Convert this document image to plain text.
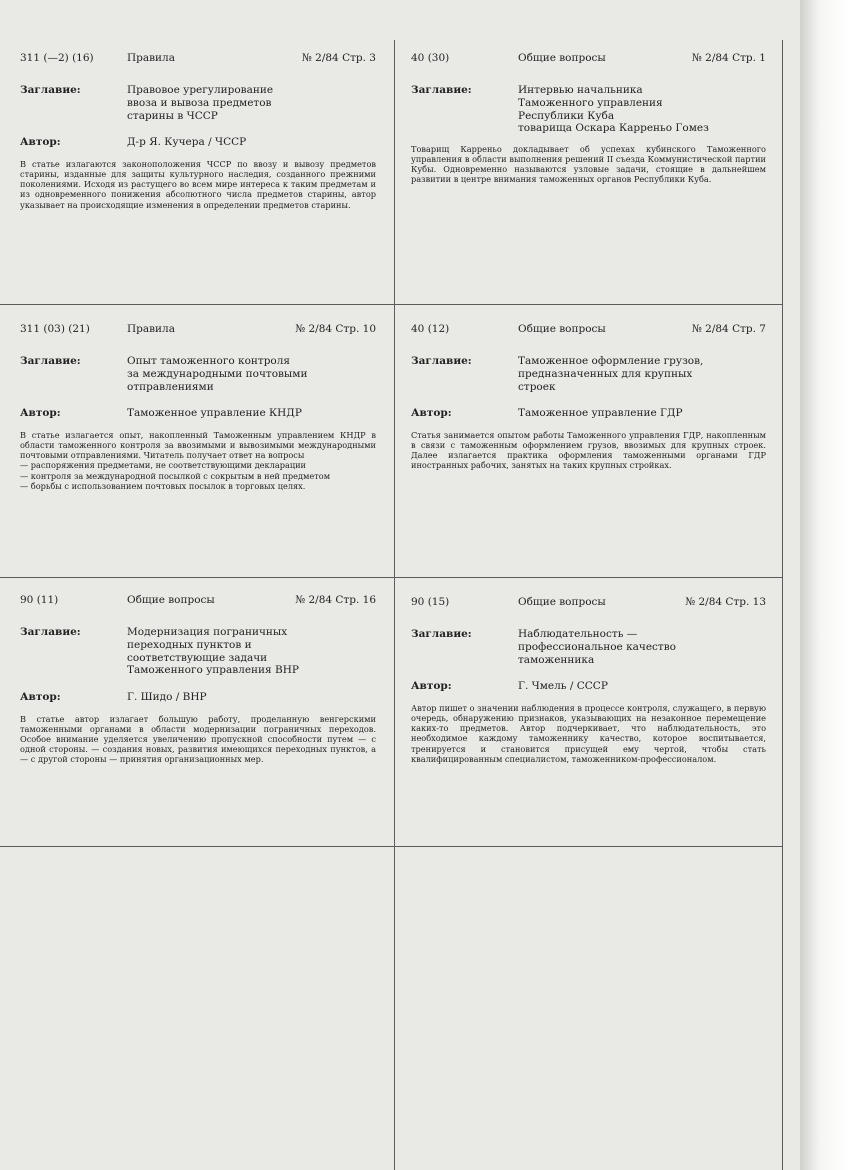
311 (—2) (16)	Правила	№ 2/84 Стр. 3
Заглавие:	Правовое урегулирование
ввоза и вывоза предметов
старины в ЧССР
Автор:	Д-р Я. Кучера / ЧССР
В статье излагаются законоположения ЧССР по ввозу и вывозу предметов старины, изданные для защиты культурного наследия, созданного прежними поколениями. Исходя из растущего во всем мире интереса к таким предметам и из одновременного понижения абсолютного числа предметов старины, автор указывает на происходящие изменения в определении предметов старины.
40 (30)	Общие вопросы	№ 2/84 Стр. 1
Заглавие:	Интервью начальника
Таможенного управления
Республики Куба
товарища Оскара Карреньо Гомез
Товарищ Карреньо докладывает об успехах кубинского Таможенного управления в области выполнения решений II съезда Коммунистической партии Кубы. Одновременно называются узловые задачи, стоящие в дальнейшем развитии в центре внимания таможенных органов Республики Куба.
311 (03) (21)	Правила	№ 2/84 Стр. 10
Заглавие:	Опыт таможенного контроля
за международными почтовыми
отправлениями
Автор:	Таможенное управление КНДР
В статье излагается опыт, накопленный Таможенным управлением КНДР в области таможенного контроля за ввозимыми и вывозимыми международными почтовыми отправлениями. Читатель получает ответ на вопросы
— распоряжения предметами, не соответствующими декларации
— контроля за международной посылкой с сокрытым в ней предметом
— борьбы с использованием почтовых посылок в торговых целях.
40 (12)	Общие вопросы	№ 2/84 Стр. 7
Заглавие:	Таможенное оформление грузов,
предназначенных для крупных
строек
Автор:	Таможенное управление ГДР
Статья занимается опытом работы Таможенного управления ГДР, накопленным в связи с таможенным оформлением грузов, ввозимых для крупных строек. Далее излагается практика оформления таможенными органами ГДР иностранных рабочих, занятых на таких крупных стройках.
90 (11)	Общие вопросы	№ 2/84 Стр. 16
Заглавие:	Модернизация пограничных
переходных пунктов и
соответствующие задачи
Таможенного управления ВНР
Автор:	Г. Шидо / ВНР
В статье автор излагает большую работу, проделанную венгерскими таможенными органами в области модернизации пограничных переходов. Особое внимание уделяется увеличению пропускной способности путем — с одной стороны. — создания новых, развития имеющихся переходных пунктов, а — с другой стороны — принятия организационных мер.
90 (15)	Общие вопросы	№ 2/84 Стр. 13
Заглавие:	Наблюдательность —
профессиональное качество
таможенника
Автор:	Г. Чмель / СССР
Автор пишет о значении наблюдения в процессе контроля, служащего, в первую очередь, обнаружению признаков, указывающих на незаконное перемещение каких-то предметов. Автор подчеркивает, что наблюдательность, это необходимое каждому таможеннику качество, которое воспитывается, тренируется и становится присущей ему чертой, чтобы стать квалифицированным специалистом, таможенником-профессионалом.
